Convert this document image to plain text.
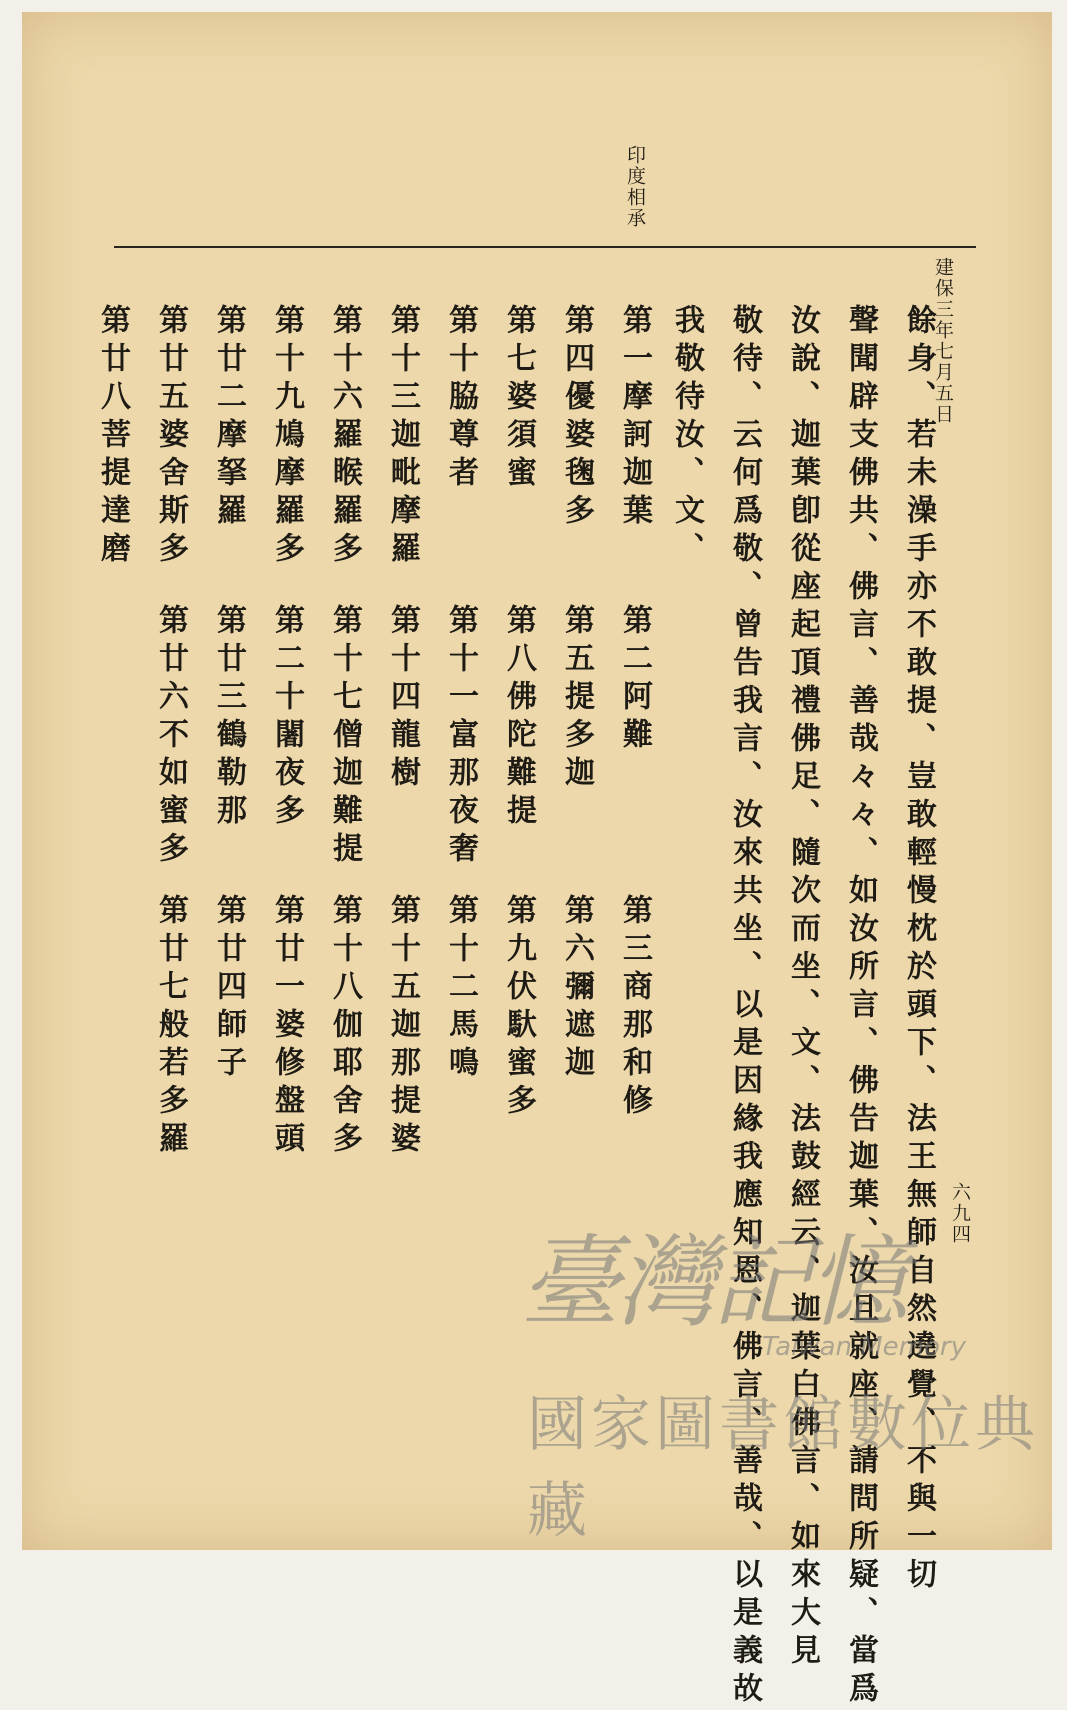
印度相承
建保三年七月五日
六九四
餘身、若未澡手亦不敢提、豈敢輕慢枕於頭下、法王無師自然遶覺、不與一切
聲聞辟支佛共、佛言、善哉々々、如汝所言、佛告迦葉、汝且就座、請問所疑、當爲
汝說、迦葉卽從座起頂禮佛足、隨次而坐、文、法鼓經云、迦葉白佛言、如來大見
敬待、云何爲敬、曾告我言、汝來共坐、以是因緣我應知恩、佛言、善哉、以是義故
我敬待汝、文、
第一摩訶迦葉
第二阿難
第三商那和修
第四優婆毱多
第五提多迦
第六彌遮迦
第七婆須蜜
第八佛陀難提
第九伏馱蜜多
第十脇尊者
第十一富那夜奢
第十二馬鳴
第十三迦毗摩羅
第十四龍樹
第十五迦那提婆
第十六羅睺羅多
第十七僧迦難提
第十八伽耶舍多
第十九鳩摩羅多
第二十闍夜多
第廿一婆修盤頭
第廿二摩拏羅
第廿三鶴勒那
第廿四師子
第廿五婆舍斯多
第廿六不如蜜多
第廿七般若多羅
第廿八菩提達磨
臺灣記憶
Taiwan Memory
國家圖書館數位典藏
